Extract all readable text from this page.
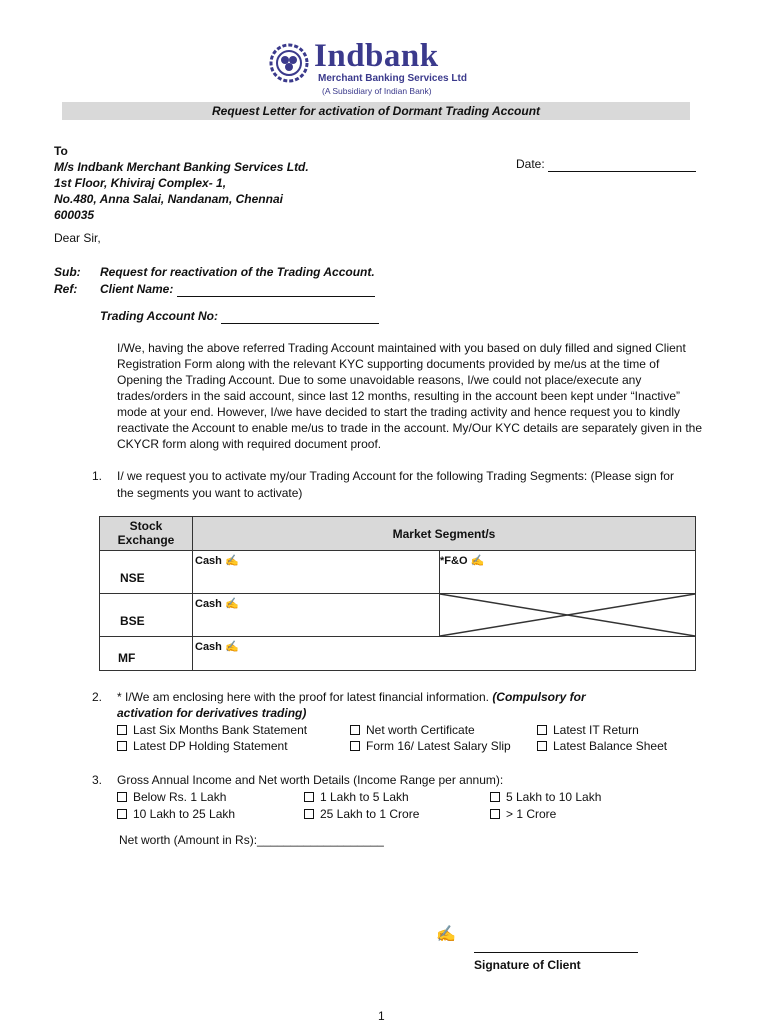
Indbank
Merchant Banking Services Ltd
(A Subsidiary of Indian Bank)
Request Letter for activation of Dormant Trading Account
To
M/s Indbank Merchant Banking Services Ltd.
1st Floor, Khiviraj Complex- 1,
No.480, Anna Salai, Nandanam, Chennai
600035
Date:
Dear Sir,
Sub: Request for reactivation of the Trading Account.
Ref: Client Name:
Trading Account No:
I/We, having the above referred Trading Account maintained with you based on duly filled and signed Client Registration Form along with the relevant KYC supporting documents provided by me/us at the time of Opening the Trading Account. Due to some unavoidable reasons, I/we could not place/execute any trades/orders in the said account, since last 12 months, resulting in the account been kept under “Inactive” mode at your end. However, I/we have decided to start the trading activity and hence request you to kindly reactivate the Account to enable me/us to trade in the account. My/Our KYC details are separately given in the CKYCR form along with required document proof.
1. I/ we request you to activate my/our Trading Account for the following Trading Segments: (Please sign for
the segments you want to activate)
Stock
Exchange	Market Segment/s	

NSE	Cash ✍	*F&O ✍

BSE	Cash ✍	

MF	Cash ✍	
2. * I/We am enclosing here with the proof for latest financial information. (Compulsory for
activation for derivatives trading)
Last Six Months Bank Statement	Net worth Certificate	Latest IT Return
Latest DP Holding Statement	Form 16/ Latest Salary Slip	Latest Balance Sheet
3. Gross Annual Income and Net worth Details (Income Range per annum):
Below Rs. 1 Lakh	1 Lakh to 5 Lakh	5 Lakh to 10 Lakh
10 Lakh to 25 Lakh	25 Lakh to 1 Crore	> 1 Crore
Net worth (Amount in Rs):___________________
✍
Signature of Client
1
